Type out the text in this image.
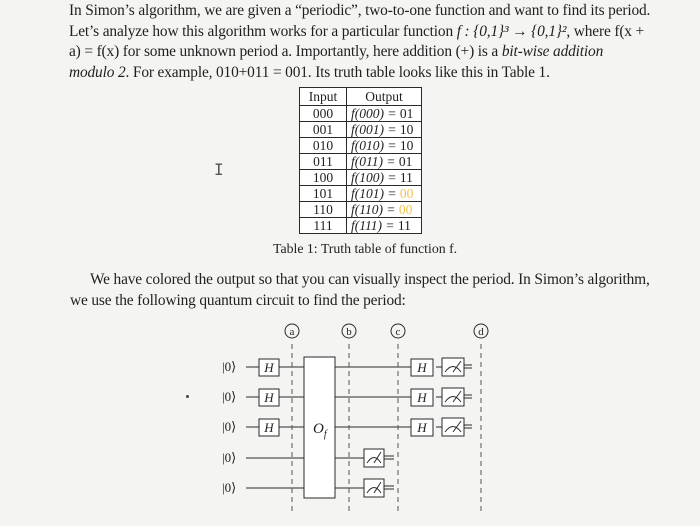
In Simon’s algorithm, we are given a “periodic”, two-to-one function and want to find its period.
Let’s analyze how this algorithm works for a particular function f : {0,1}³ → {0,1}², where f(x +
a) = f(x) for some unknown period a. Importantly, here addition (+) is a bit-wise addition
modulo 2. For example, 010+011 = 001. Its truth table looks like this in Table 1.
Input	Output
000	f(000) = 01
001	f(001) = 10
010	f(010) = 10
011	f(011) = 01
100	f(100) = 11
101	f(101) = 00
110	f(110) = 00
111	f(111) = 11
Table 1: Truth table of function f.
I
We have colored the output so that you can visually inspect the period. In Simon’s algorithm,
we use the following quantum circuit to find the period:
a	b	c	d
|0⟩
|0⟩
|0⟩
|0⟩
|0⟩
H
H
H	$O_f$
H
H
H
